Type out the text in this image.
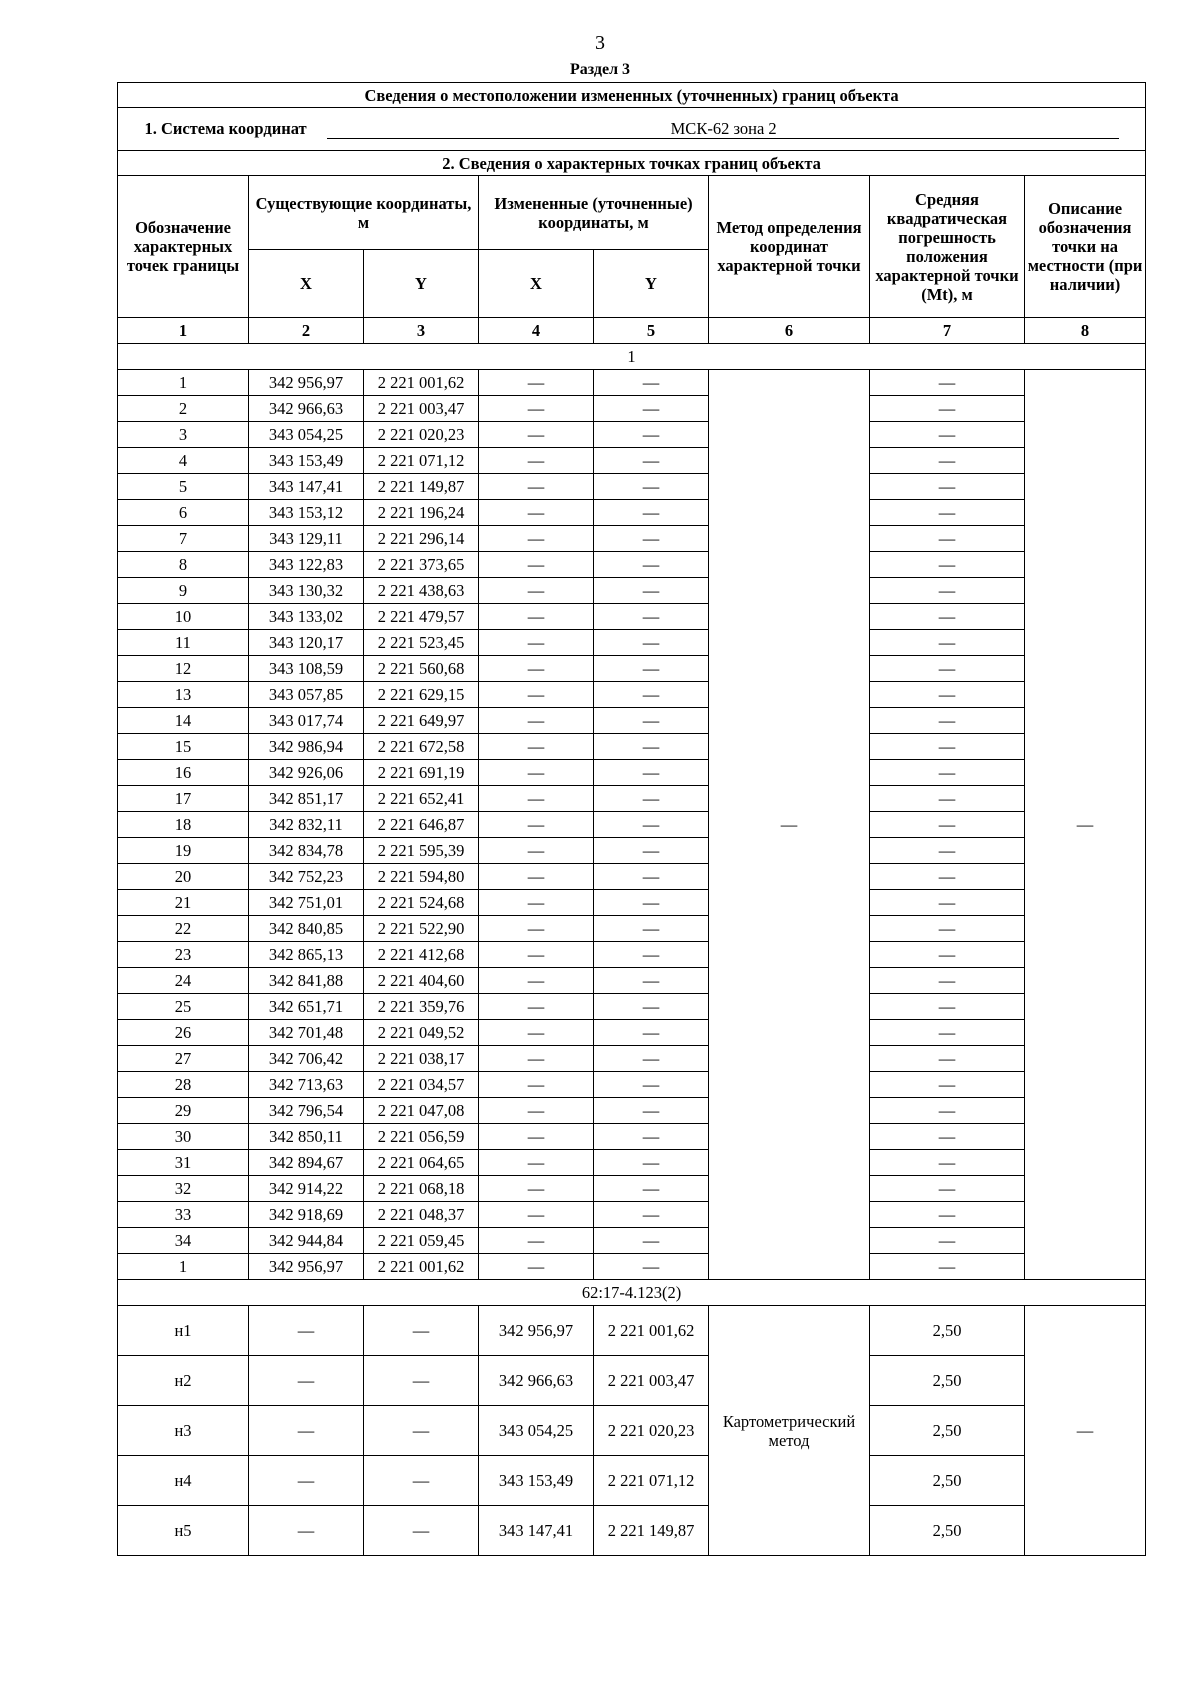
3
Раздел 3
Сведения о местоположении измененных (уточненных) границ объекта							
1. Система координат МСК-62 зона 2							
2. Сведения о характерных точках границ объекта							
Обозначение характерных точек границы	Существующие координаты, м		Измененные (уточненные) координаты, м		Метод определения координат характерной точки	Средняя квадратическая погрешность положения характерной точки (Mt), м	Описание обозначения точки на местности (при наличии)
	X	Y	X	Y			
1	2	3	4	5	6	7	8
1							
1	342 956,97	2 221 001,62	—	—	—	—	—
2	342 966,63	2 221 003,47	—	—		—	
3	343 054,25	2 221 020,23	—	—		—	
4	343 153,49	2 221 071,12	—	—		—	
5	343 147,41	2 221 149,87	—	—		—	
6	343 153,12	2 221 196,24	—	—		—	
7	343 129,11	2 221 296,14	—	—		—	
8	343 122,83	2 221 373,65	—	—		—	
9	343 130,32	2 221 438,63	—	—		—	
10	343 133,02	2 221 479,57	—	—		—	
11	343 120,17	2 221 523,45	—	—		—	
12	343 108,59	2 221 560,68	—	—		—	
13	343 057,85	2 221 629,15	—	—		—	
14	343 017,74	2 221 649,97	—	—		—	
15	342 986,94	2 221 672,58	—	—		—	
16	342 926,06	2 221 691,19	—	—		—	
17	342 851,17	2 221 652,41	—	—		—	
18	342 832,11	2 221 646,87	—	—		—	
19	342 834,78	2 221 595,39	—	—		—	
20	342 752,23	2 221 594,80	—	—		—	
21	342 751,01	2 221 524,68	—	—		—	
22	342 840,85	2 221 522,90	—	—		—	
23	342 865,13	2 221 412,68	—	—		—	
24	342 841,88	2 221 404,60	—	—		—	
25	342 651,71	2 221 359,76	—	—		—	
26	342 701,48	2 221 049,52	—	—		—	
27	342 706,42	2 221 038,17	—	—		—	
28	342 713,63	2 221 034,57	—	—		—	
29	342 796,54	2 221 047,08	—	—		—	
30	342 850,11	2 221 056,59	—	—		—	
31	342 894,67	2 221 064,65	—	—		—	
32	342 914,22	2 221 068,18	—	—		—	
33	342 918,69	2 221 048,37	—	—		—	
34	342 944,84	2 221 059,45	—	—		—	
1	342 956,97	2 221 001,62	—	—		—	
62:17-4.123(2)							
н1	—	—	342 956,97	2 221 001,62	Картометрический метод	2,50	—
н2	—	—	342 966,63	2 221 003,47		2,50	
н3	—	—	343 054,25	2 221 020,23		2,50	
н4	—	—	343 153,49	2 221 071,12		2,50	
н5	—	—	343 147,41	2 221 149,87		2,50	
